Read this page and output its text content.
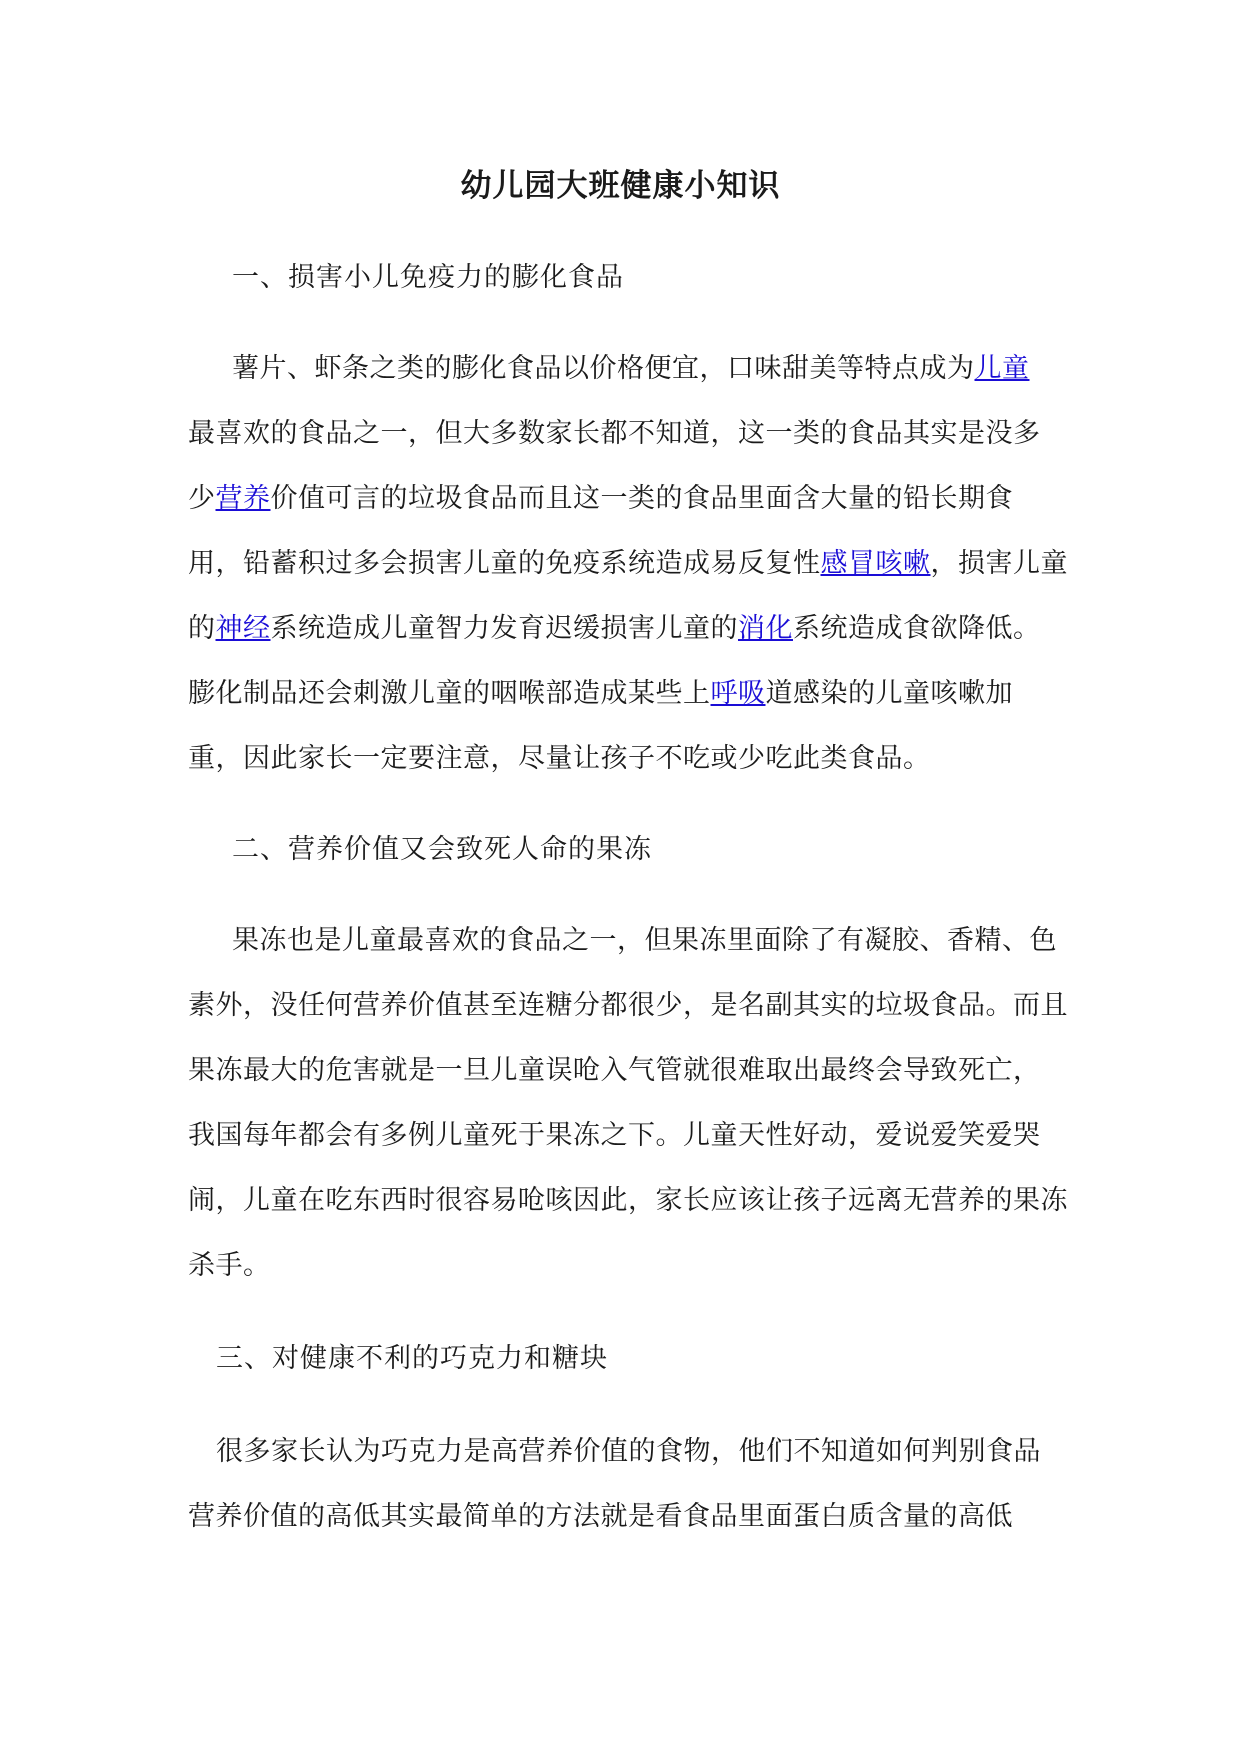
幼儿园大班健康小知识
一、损害小儿免疫力的膨化食品
薯片、虾条之类的膨化食品以价格便宜，口味甜美等特点成为儿童
最喜欢的食品之一，但大多数家长都不知道，这一类的食品其实是没多
少营养价值可言的垃圾食品而且这一类的食品里面含大量的铅长期食
用，铅蓄积过多会损害儿童的免疫系统造成易反复性感冒咳嗽，损害儿童
的神经系统造成儿童智力发育迟缓损害儿童的消化系统造成食欲降低。
膨化制品还会刺激儿童的咽喉部造成某些上呼吸道感染的儿童咳嗽加
重，因此家长一定要注意，尽量让孩子不吃或少吃此类食品。
二、营养价值又会致死人命的果冻
果冻也是儿童最喜欢的食品之一，但果冻里面除了有凝胶、香精、色
素外，没任何营养价值甚至连糖分都很少，是名副其实的垃圾食品。而且
果冻最大的危害就是一旦儿童误呛入气管就很难取出最终会导致死亡，
我国每年都会有多例儿童死于果冻之下。儿童天性好动，爱说爱笑爱哭
闹，儿童在吃东西时很容易呛咳因此，家长应该让孩子远离无营养的果冻
杀手。
三、对健康不利的巧克力和糖块
很多家长认为巧克力是高营养价值的食物，他们不知道如何判别食品
营养价值的高低其实最简单的方法就是看食品里面蛋白质含量的高低
